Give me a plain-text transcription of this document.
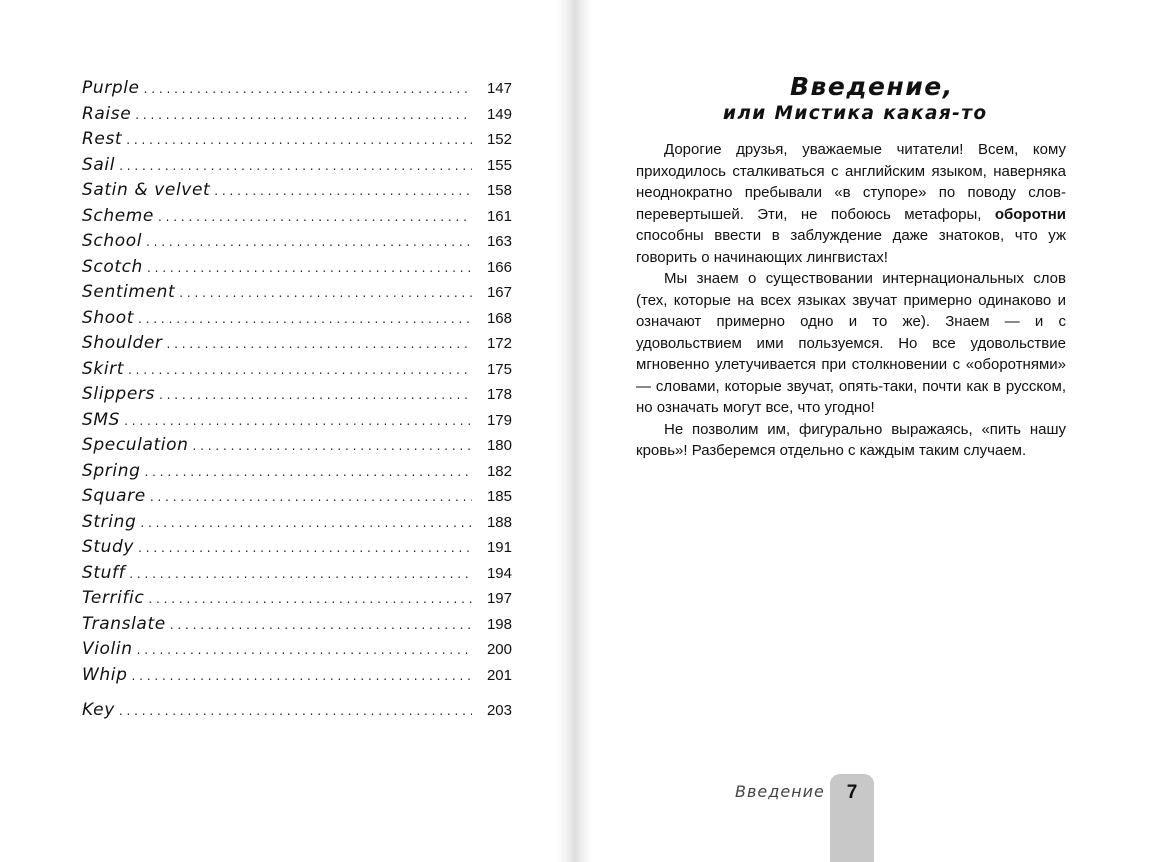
Purple . . .	147
Raise . . .	149
Rest . . .	152
Sail . . .	155
Satin & velvet . . .	158
Scheme . . .	161
School . . .	163
Scotch . . .	166
Sentiment . . .	167
Shoot . . .	168
Shoulder . . .	172
Skirt . . .	175
Slippers . . .	178
SMS . . .	179
Speculation . . .	180
Spring . . .	182
Square . . .	185
String . . .	188
Study . . .	191
Stuff . . .	194
Terrific . . .	197
Translate . . .	198
Violin . . .	200
Whip . . .	201
Key . . .	203
Введение,
или Мистика какая-то

Дорогие друзья, уважаемые читатели! Всем, кому приходилось сталкиваться с английским языком, наверняка неоднократно пребывали «в ступоре» по поводу слов-перевертышей. Эти, не побоюсь метафоры, оборотни способны ввести в заблуждение даже знатоков, что уж говорить о начинающих лингвистах!

Мы знаем о существовании интернациональных слов (тех, которые на всех языках звучат примерно одинаково и означают примерно одно и то же). Знаем — и с удовольствием ими пользуемся. Но все удовольствие мгновенно улетучивается при столкновении с «оборотнями» — словами, которые звучат, опять-таки, почти как в русском, но означать могут все, что угодно!

Не позволим им, фигурально выражаясь, «пить нашу кровь»! Разберемся отдельно с каждым таким случаем.

Введение	7
